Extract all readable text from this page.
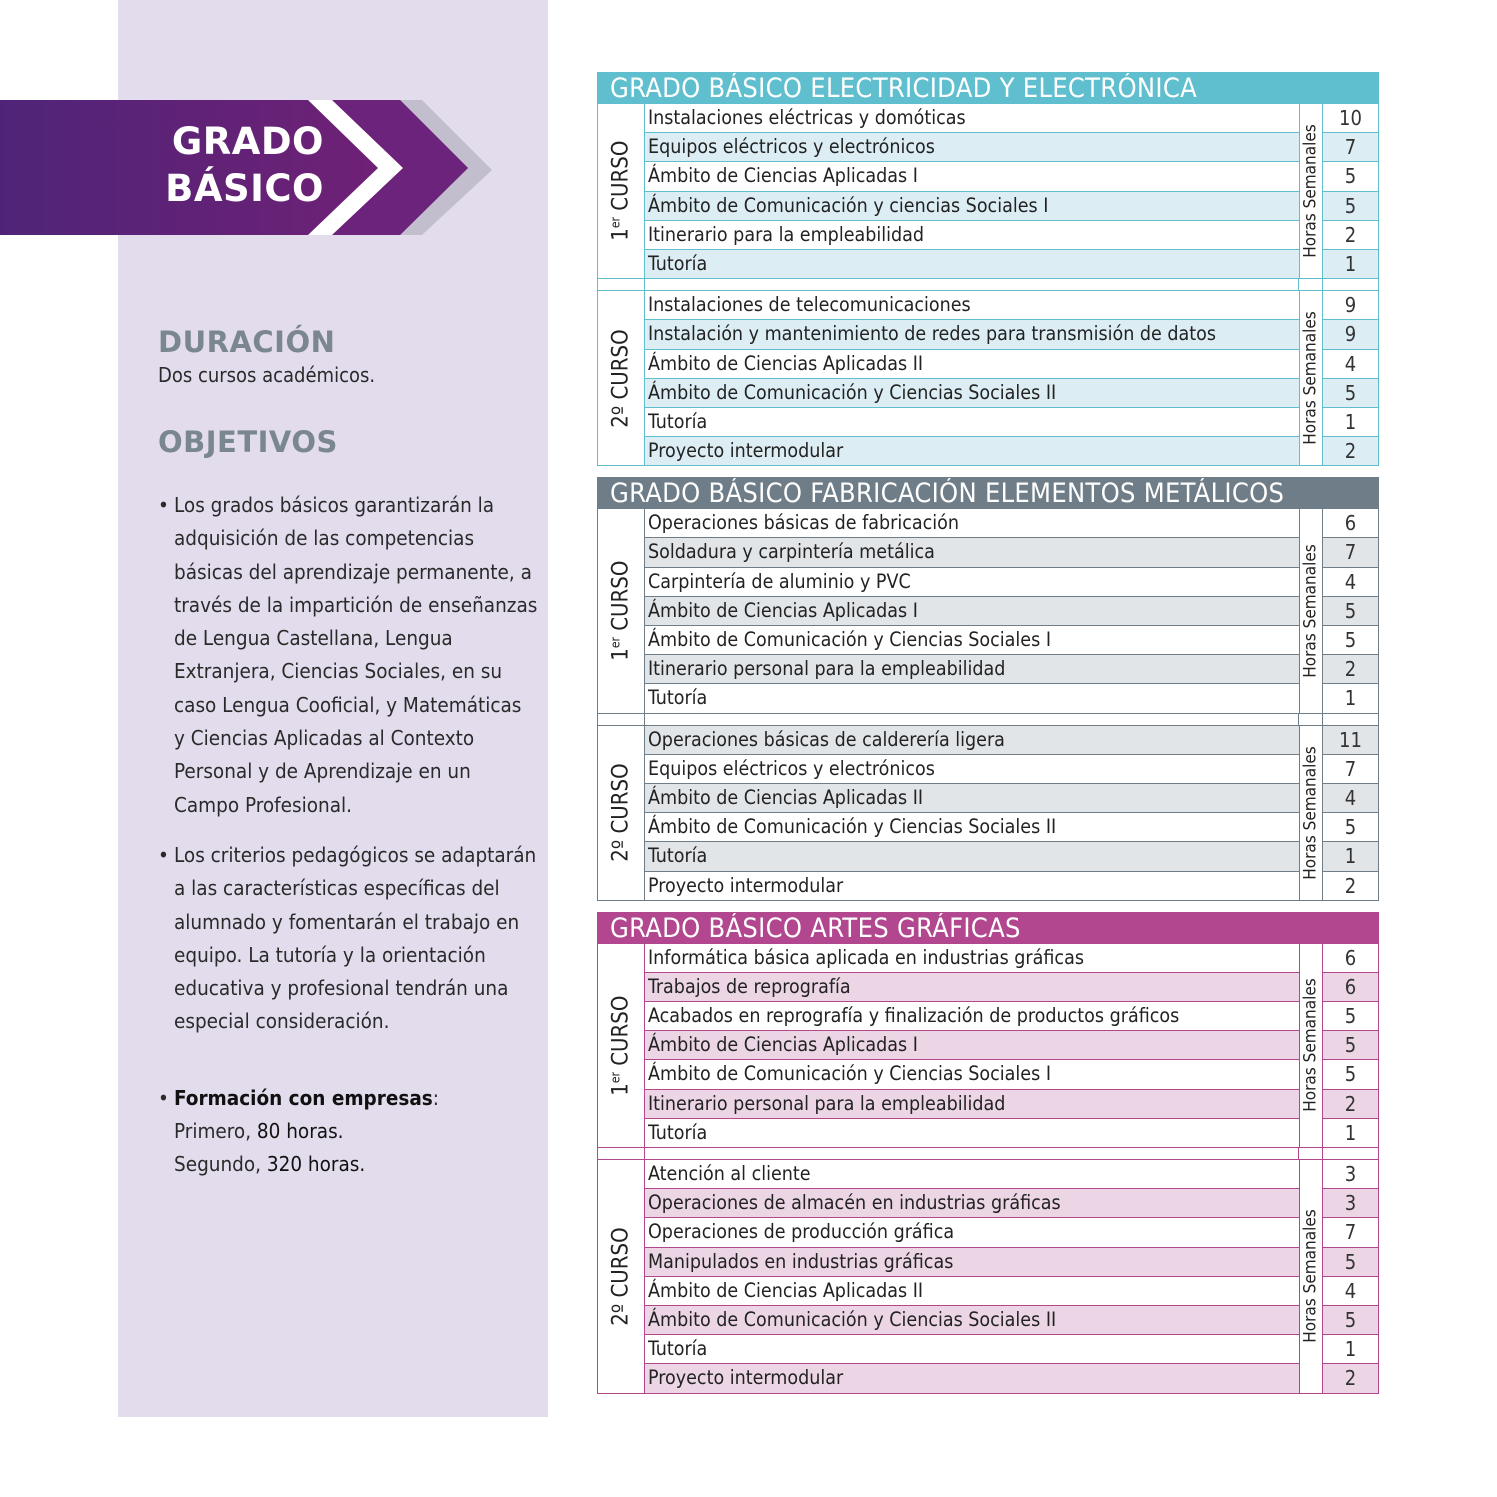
GRADO
BÁSICO
DURACIÓN

Dos cursos académicos.

OBJETIVOS
• Los grados básicos garantizarán la adquisición de las competencias básicas del aprendizaje permanente, a través de la impartición de enseñanzas de Lengua Castellana, Lengua Extranjera, Ciencias Sociales, en su caso Lengua Cooficial, y Matemáticas y Ciencias Aplicadas al Contexto Personal y de Aprendizaje en un Campo Profesional.
• Los criterios pedagógicos se adaptarán a las características específicas del alumnado y fomentarán el trabajo en equipo. La tutoría y la orientación educativa y profesional tendrán una especial consideración.
• Formación con empresas:
Primero, 80 horas.
Segundo, 320 horas.
GRADO BÁSICO ELECTRICIDAD Y ELECTRÓNICA
1er CURSO	Horas Semanales
Instalaciones eléctricas y domóticas	10
Equipos eléctricos y electrónicos	7
Ámbito de Ciencias Aplicadas I	5
Ámbito de Comunicación y ciencias Sociales I	5
Itinerario para la empleabilidad	2
Tutoría	1
2º CURSO	Horas Semanales
Instalaciones de telecomunicaciones	9
Instalación y mantenimiento de redes para transmisión de datos	9
Ámbito de Ciencias Aplicadas II	4
Ámbito de Comunicación y Ciencias Sociales II	5
Tutoría	1
Proyecto intermodular	2
GRADO BÁSICO FABRICACIÓN ELEMENTOS METÁLICOS
1er CURSO	Horas Semanales
Operaciones básicas de fabricación	6
Soldadura y carpintería metálica	7
Carpintería de aluminio y PVC	4
Ámbito de Ciencias Aplicadas I	5
Ámbito de Comunicación y Ciencias Sociales I	5
Itinerario personal para la empleabilidad	2
Tutoría	1
2º CURSO	Horas Semanales
Operaciones básicas de calderería ligera	11
Equipos eléctricos y electrónicos	7
Ámbito de Ciencias Aplicadas II	4
Ámbito de Comunicación y Ciencias Sociales II	5
Tutoría	1
Proyecto intermodular	2
GRADO BÁSICO ARTES GRÁFICAS
1er CURSO	Horas Semanales
Informática básica aplicada en industrias gráficas	6
Trabajos de reprografía	6
Acabados en reprografía y finalización de productos gráficos	5
Ámbito de Ciencias Aplicadas I	5
Ámbito de Comunicación y Ciencias Sociales I	5
Itinerario personal para la empleabilidad	2
Tutoría	1
2º CURSO	Horas Semanales
Atención al cliente	3
Operaciones de almacén en industrias gráficas	3
Operaciones de producción gráfica	7
Manipulados en industrias gráficas	5
Ámbito de Ciencias Aplicadas II	4
Ámbito de Comunicación y Ciencias Sociales II	5
Tutoría	1
Proyecto intermodular	2
